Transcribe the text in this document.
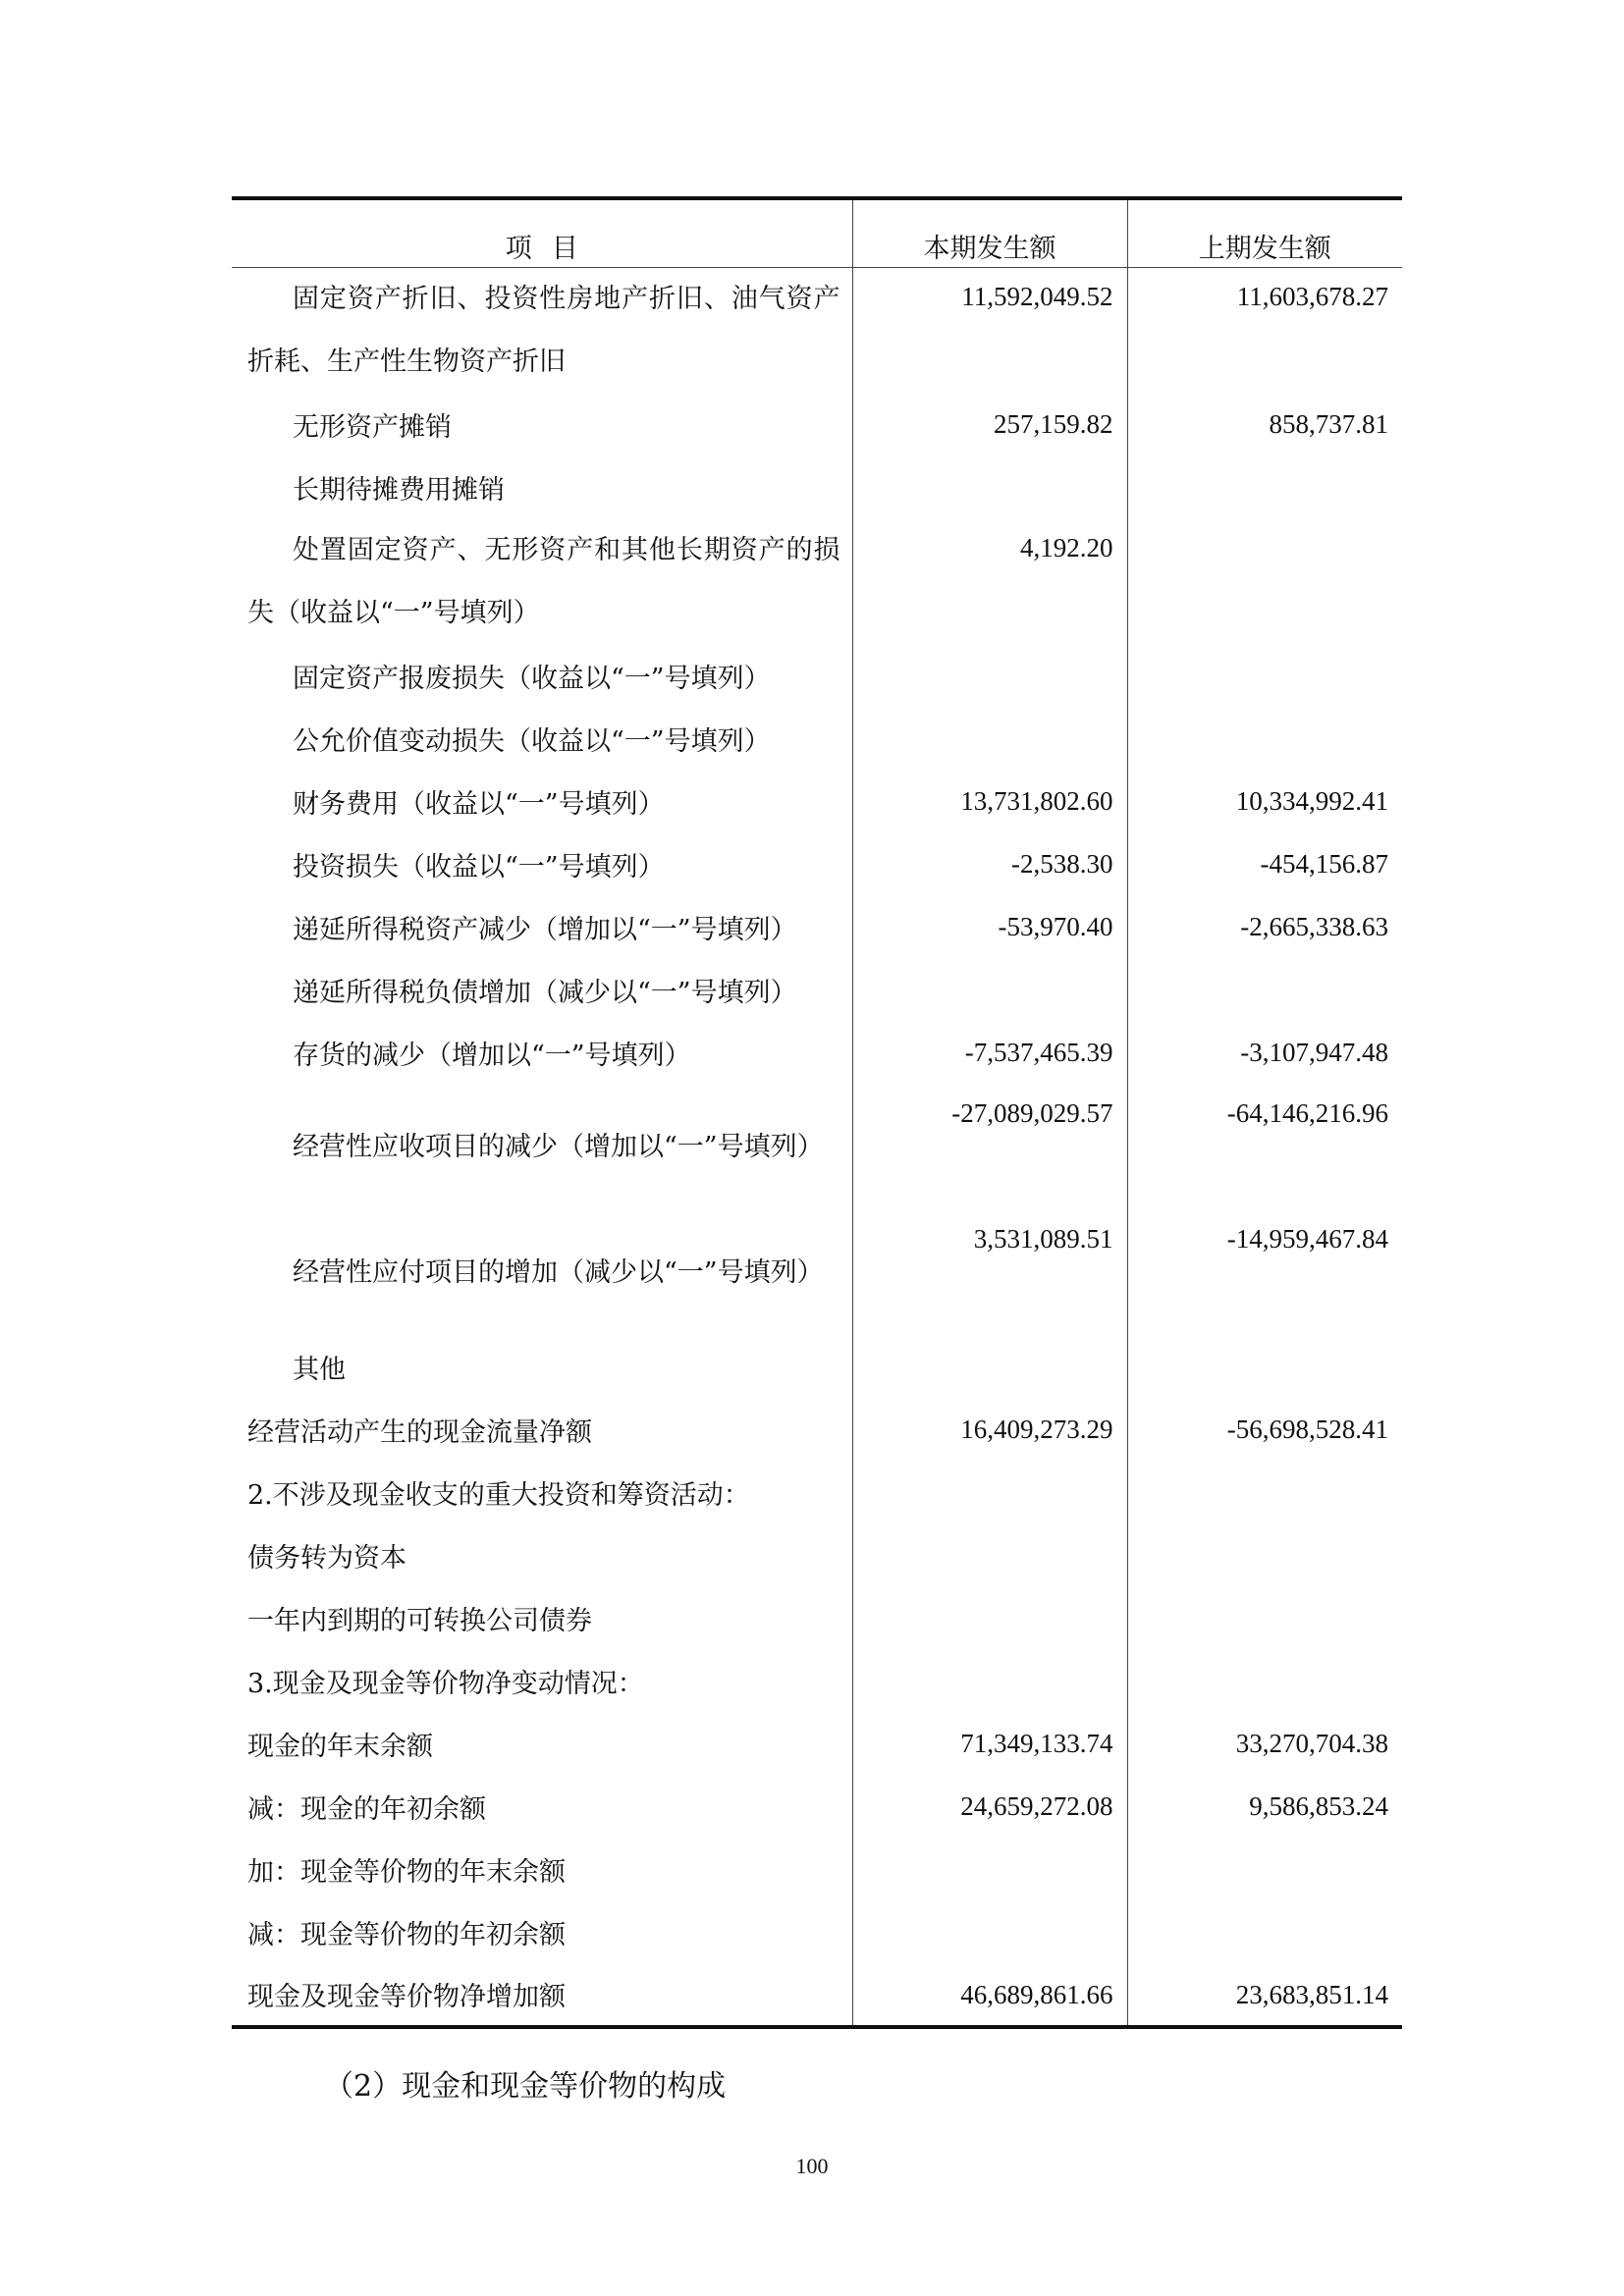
项目	本期发生额	上期发生额
固定资产折旧、投资性房地产折旧、油气资产折耗、生产性生物资产折旧	11,592,049.52	11,603,678.27
无形资产摊销	257,159.82	858,737.81
长期待摊费用摊销		
处置固定资产、无形资产和其他长期资产的损失（收益以“一”号填列）	4,192.20	
固定资产报废损失（收益以“一”号填列）		
公允价值变动损失（收益以“一”号填列）		
财务费用（收益以“一”号填列）	13,731,802.60	10,334,992.41
投资损失（收益以“一”号填列）	-2,538.30	-454,156.87
递延所得税资产减少（增加以“一”号填列）	-53,970.40	-2,665,338.63
递延所得税负债增加（减少以“一”号填列）		
存货的减少（增加以“一”号填列）	-7,537,465.39	-3,107,947.48
经营性应收项目的减少（增加以“一”号填列）	-27,089,029.57	-64,146,216.96
经营性应付项目的增加（减少以“一”号填列）	3,531,089.51	-14,959,467.84
其他		
经营活动产生的现金流量净额	16,409,273.29	-56,698,528.41
2.不涉及现金收支的重大投资和筹资活动：		
债务转为资本		
一年内到期的可转换公司债券		
3.现金及现金等价物净变动情况：		
现金的年末余额	71,349,133.74	33,270,704.38
减：现金的年初余额	24,659,272.08	9,586,853.24
加：现金等价物的年末余额		
减：现金等价物的年初余额		
现金及现金等价物净增加额	46,689,861.66	23,683,851.14
（2）现金和现金等价物的构成
100
